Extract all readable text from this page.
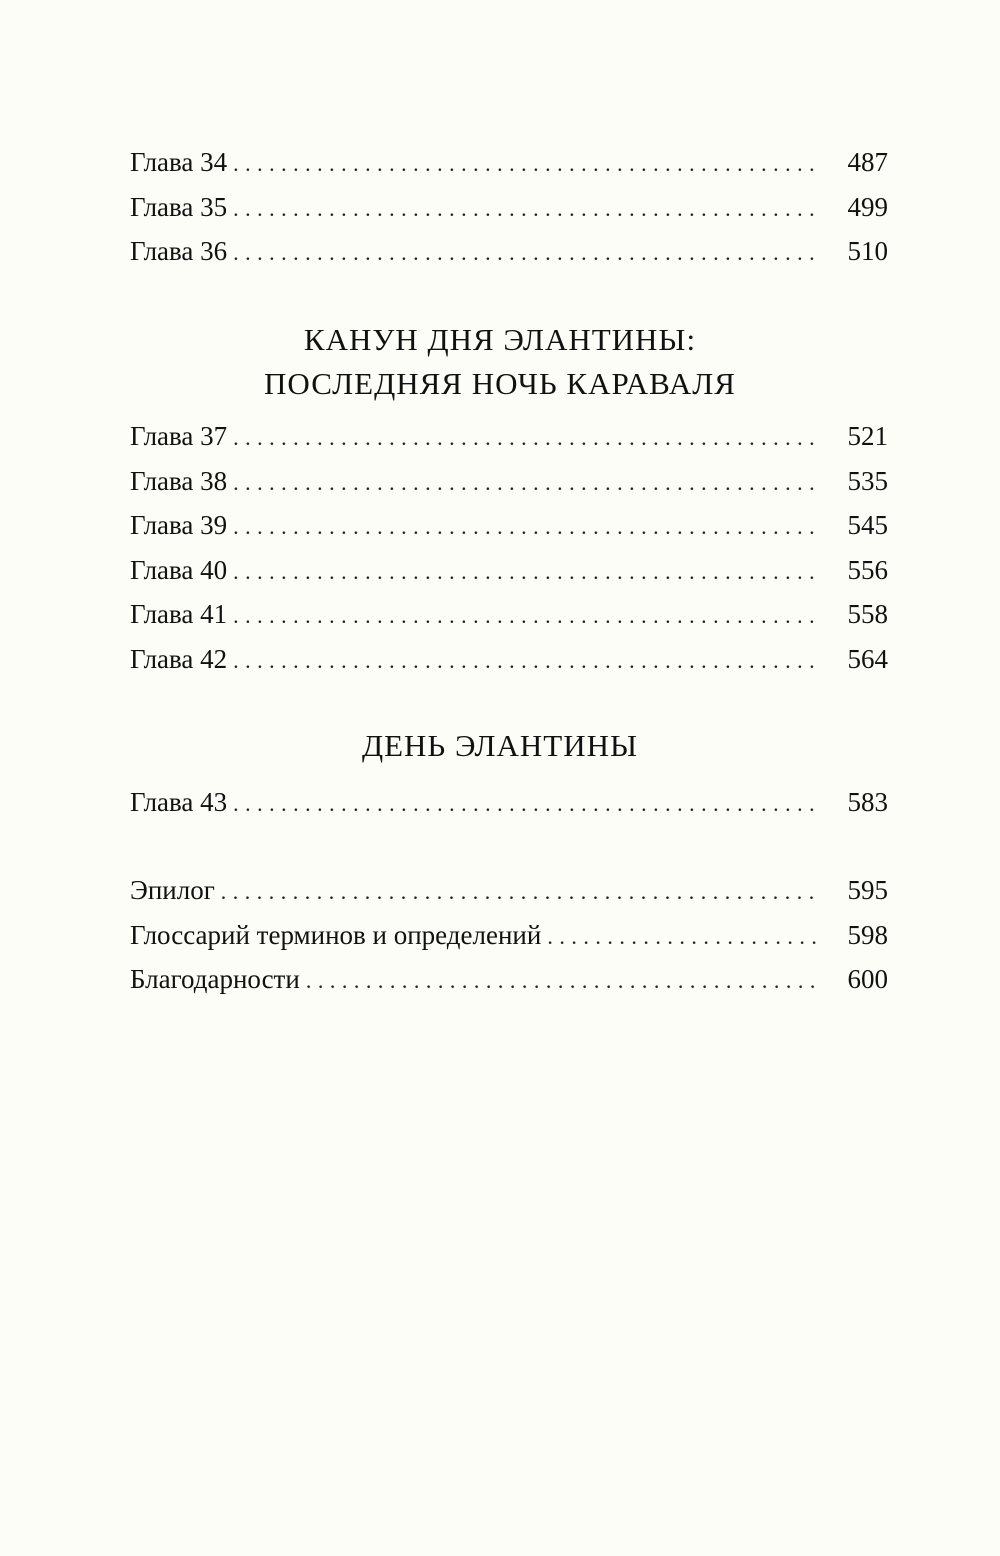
Глава 34 . . .	487
Глава 35 . . .	499
Глава 36 . . .	510
КАНУН ДНЯ ЭЛАНТИНЫ:
ПОСЛЕДНЯЯ НОЧЬ КАРАВАЛЯ
Глава 37 . . .	521
Глава 38 . . .	535
Глава 39 . . .	545
Глава 40 . . .	556
Глава 41 . . .	558
Глава 42 . . .	564
ДЕНЬ ЭЛАНТИНЫ
Глава 43 . . .	583
Эпилог . . .	595
Глоссарий терминов и определений . . .	598
Благодарности . . .	600
